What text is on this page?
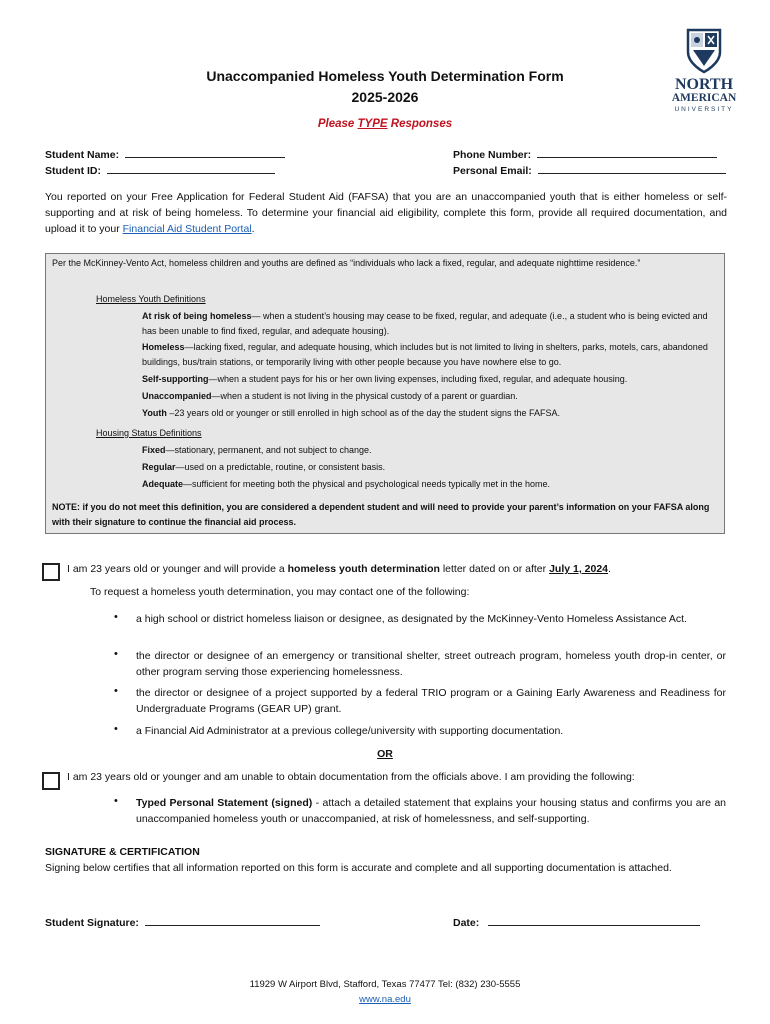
Unaccompanied Homeless Youth Determination Form
2025-2026
Please TYPE Responses
NORTH
AMERICAN
UNIVERSITY
Student Name:
Student ID:
Phone Number:
Personal Email:
You reported on your Free Application for Federal Student Aid (FAFSA) that you are an unaccompanied youth that is either homeless or self-supporting and at risk of being homeless. To determine your financial aid eligibility, complete this form, provide all required documentation, and upload it to your Financial Aid Student Portal.
Per the McKinney-Vento Act, homeless children and youths are defined as “individuals who lack a fixed, regular, and adequate nighttime residence.”
Homeless Youth Definitions
At risk of being homeless— when a student’s housing may cease to be fixed, regular, and adequate (i.e., a student who is being evicted and has been unable to find fixed, regular, and adequate housing).
Homeless—lacking fixed, regular, and adequate housing, which includes but is not limited to living in shelters, parks, motels, cars, abandoned buildings, bus/train stations, or temporarily living with other people because you have nowhere else to go.
Self-supporting—when a student pays for his or her own living expenses, including fixed, regular, and adequate housing.
Unaccompanied—when a student is not living in the physical custody of a parent or guardian.
Youth –23 years old or younger or still enrolled in high school as of the day the student signs the FAFSA.
Housing Status Definitions
Fixed—stationary, permanent, and not subject to change.
Regular—used on a predictable, routine, or consistent basis.
Adequate—sufficient for meeting both the physical and psychological needs typically met in the home.
NOTE: if you do not meet this definition, you are considered a dependent student and will need to provide your parent’s information on your FAFSA along with their signature to continue the financial aid process.
I am 23 years old or younger and will provide a homeless youth determination letter dated on or after July 1, 2024.
To request a homeless youth determination, you may contact one of the following:
• a high school or district homeless liaison or designee, as designated by the McKinney-Vento Homeless Assistance Act.
• the director or designee of an emergency or transitional shelter, street outreach program, homeless youth drop-in center, or other program serving those experiencing homelessness.
• the director or designee of a project supported by a federal TRIO program or a Gaining Early Awareness and Readiness for Undergraduate Programs (GEAR UP) grant.
• a Financial Aid Administrator at a previous college/university with supporting documentation.
OR
I am 23 years old or younger and am unable to obtain documentation from the officials above. I am providing the following:
• Typed Personal Statement (signed) - attach a detailed statement that explains your housing status and confirms you are an unaccompanied homeless youth or unaccompanied, at risk of homelessness, and self-supporting.
SIGNATURE & CERTIFICATION
Signing below certifies that all information reported on this form is accurate and complete and all supporting documentation is attached.
Student Signature:	Date:
11929 W Airport Blvd, Stafford, Texas 77477 Tel: (832) 230-5555
www.na.edu
